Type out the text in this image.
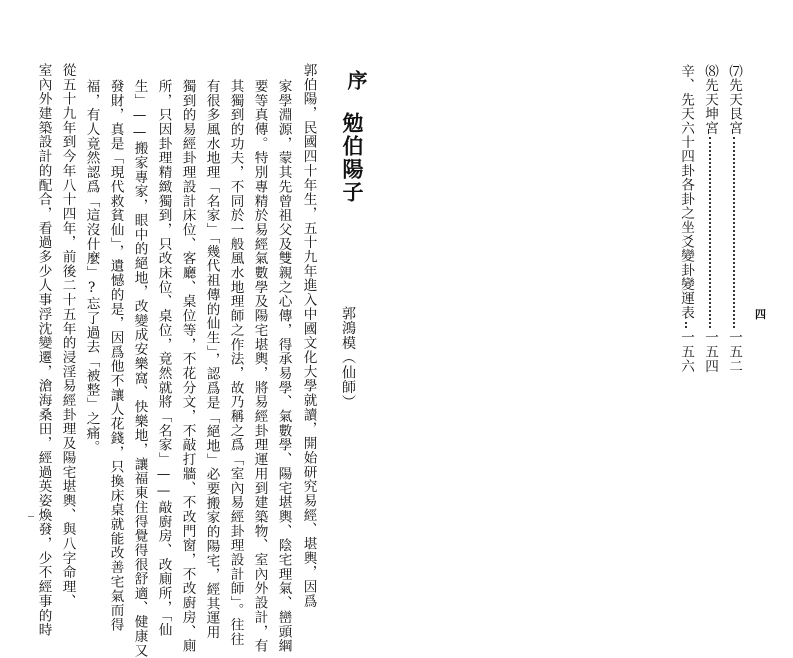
序
勉伯陽子
郭鴻模（仙師）
郭伯陽，民國四十年生，五十九年進入中國文化大學就讀，開始研究易經、堪輿，因爲
家學淵源，蒙其先曾祖父及雙親之心傳，得承易學、氣數學、陽宅堪輿、陰宅理氣、巒頭綱
要等真傳。特別專精於易經氣數學及陽宅堪輿，將易經卦理運用到建築物、室內外設計，有
其獨到的功夫，不同於一般風水地理師之作法，故乃稱之爲「室內易經卦理設計師」。往往
有很多風水地理「名家」「幾代祖傳的仙生」，認爲是「絕地」必要搬家的陽宅，經其運用
獨到的易經卦理設計床位、客廳、桌位等，不花分文，不敲打牆、不改門窗，不改廚房、廁
所，只因卦理精緻獨到，只改床位、桌位，竟然就將「名家」——敲廚房、改廁所，「仙
生」——搬家專家，眼中的絕地，改變成安樂窩、快樂地，讓福東住得覺得很舒適、健康又
發財，真是「現代救貧仙」，遺憾的是，因爲他不讓人花錢，只換床桌就能改善宅氣而得
福，有人竟然認爲「這沒什麼」?忘了過去「被整」之痛。
從五十九年到今年八十四年，前後二十五年的浸淫易經卦理及陽宅堪輿、與八字命理、
室內外建築設計的配合，看過多少人事浮沈變遷，滄海桑田，經過英姿煥發，少不經事的時	⑺先天艮宮
一五二
⑻先天坤宮
一五四
辛、先天六十四卦各卦之坐爻變卦變運表
一五六
四
